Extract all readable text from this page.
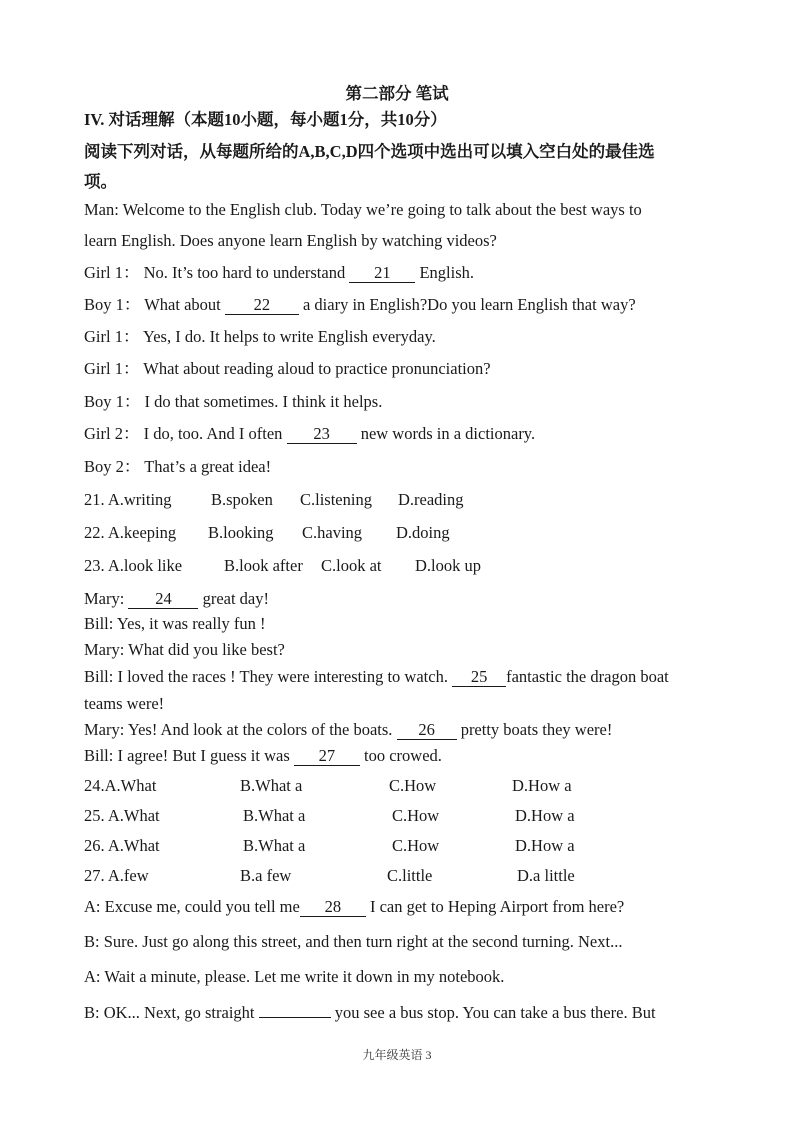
第二部分 笔试
IV. 对话理解（本题10小题，每小题1分，共10分）
阅读下列对话，从每题所给的A,B,C,D四个选项中选出可以填入空白处的最佳选
项。
Man: Welcome to the English club. Today we’re going to talk about the best ways to
learn English. Does anyone learn English by watching videos?
Girl 1： No. It’s too hard to understand 21 English.
Boy 1： What about 22 a diary in English?Do you learn English that way?
Girl 1： Yes, I do. It helps to write English everyday.
Girl 1： What about reading aloud to practice pronunciation?
Boy 1： I do that sometimes. I think it helps.
Girl 2： I do, too. And I often 23 new words in a dictionary.
Boy 2： That’s a great idea!
21. A.writing B.spoken C.listening D.reading
22. A.keeping B.looking C.having D.doing
23. A.look like	B.look after C.look at D.look up
Mary: 24 great day!
Bill: Yes, it was really fun !
Mary: What did you like best?
Bill: I loved the races ! They were interesting to watch. 25 fantastic the dragon boat
teams were!
Mary: Yes! And look at the colors of the boats. 26 pretty boats they were!
Bill: I agree! But I guess it was 27 too crowed.
24.A.What	B.What a	C.How	D.How a
25. A.What	B.What a	C.How	D.How a
26. A.What	B.What a	C.How	D.How a
27. A.few	B.a few	C.little	D.a little
A: Excuse me, could you tell me 28 I can get to Heping Airport from here?
B: Sure. Just go along this street, and then turn right at the second turning. Next...
A: Wait a minute, please. Let me write it down in my notebook.
B: OK... Next, go straight	you see a bus stop. You can take a bus there. But
九年级英语 3
